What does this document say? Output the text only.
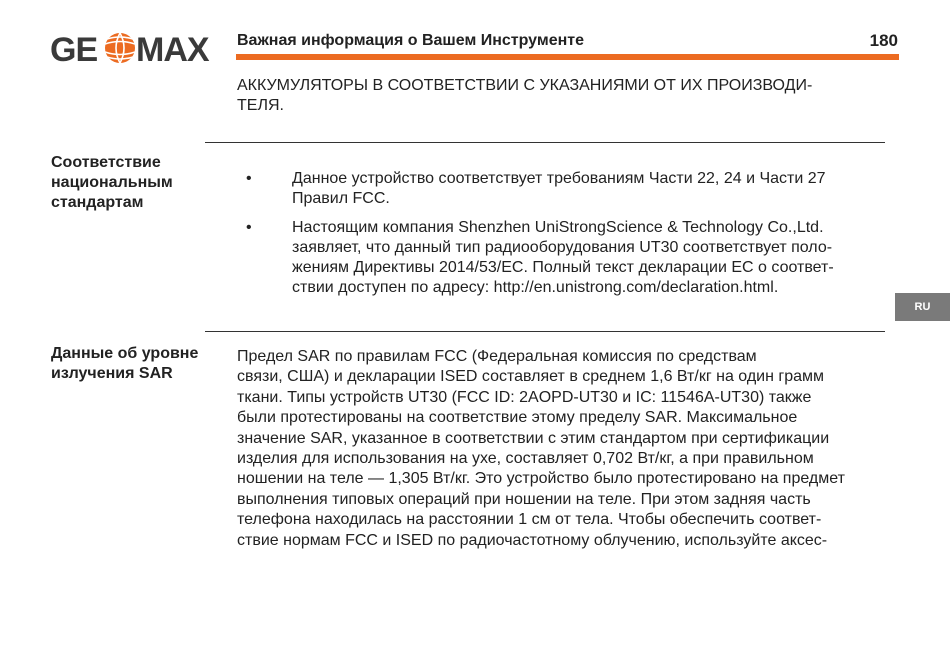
GE MAX Важная информация о Вашем Инструменте	180
АККУМУЛЯТОРЫ В СООТВЕТСТВИИ С УКАЗАНИЯМИ ОТ ИХ ПРОИЗВОДИ-
ТЕЛЯ.
Соответствие
национальным
стандартам
•	Данное устройство соответствует требованиям Части 22, 24 и Части 27
Правил FCC.
•	Настоящим компания Shenzhen UniStrongScience & Technology Co.,Ltd.
заявляет, что данный тип радиооборудования UT30 соответствует поло-
жениям Директивы 2014/53/EC. Полный текст декларации ЕС о соответ-
ствии доступен по адресу: http://en.unistrong.com/declaration.html.
Данные об уровне
излучения SAR
Предел SAR по правилам FCC (Федеральная комиссия по средствам
связи, США) и декларации ISED составляет в среднем 1,6 Вт/кг на один грамм
ткани. Типы устройств UT30 (FCC ID: 2AOPD-UT30 и IC: 11546A-UT30) также
были протестированы на соответствие этому пределу SAR. Максимальное
значение SAR, указанное в соответствии с этим стандартом при сертификации
изделия для использования на ухе, составляет 0,702 Вт/кг, а при правильном
ношении на теле — 1,305 Вт/кг. Это устройство было протестировано на предмет
выполнения типовых операций при ношении на теле. При этом задняя часть
телефона находилась на расстоянии 1 см от тела. Чтобы обеспечить соответ-
ствие нормам FCC и ISED по радиочастотному облучению, используйте аксес-
RU
